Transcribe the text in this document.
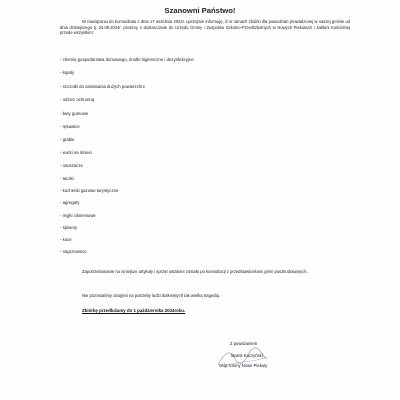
Szanowni Państwo!
W nawiązaniu do komunikatu z dnia 17 września 2024r. uprzejmie informuję, iż w ramach zbiórki dla powodzian prowadzonej w naszej gminie od dnia dzisiejszego tj. 24.09.2024r. prosimy o dostarczanie do Urzędu Gminy i Zespołów Szkolno-Przedszkolnych w Nowych Piekutach i Jabłoni Kościelnej przede wszystkim:
- chemię gospodarstwa domowego, środki higieniczne i dezynfekcyjne
- łopaty
- szczotki do zamiatania dużych powierzchni
- odzież ochronną
- buty gumowe
- rękawice
- grabie
- worki na śmieci
- osuszacze
- taczki
- kuchenki gazowe turystyczne
- agregaty
- myjki ciśnieniowe
- śpiwory
- koce
- nagrzewnice
Zapotrzebowanie na niniejsze artykuły i sprzęt ustalone zostało po konsultacji z przedstawicielami gmin poszkodowanych.
Nie pozostańmy obojętni na potrzeby ludzi dotkniętych tak wielką tragedią.
Zbiórkę przedłużamy do 1 października 2024roku.
Z poważaniem
Marek Kaczyński
Wójt Gminy Nowe Piekuty
